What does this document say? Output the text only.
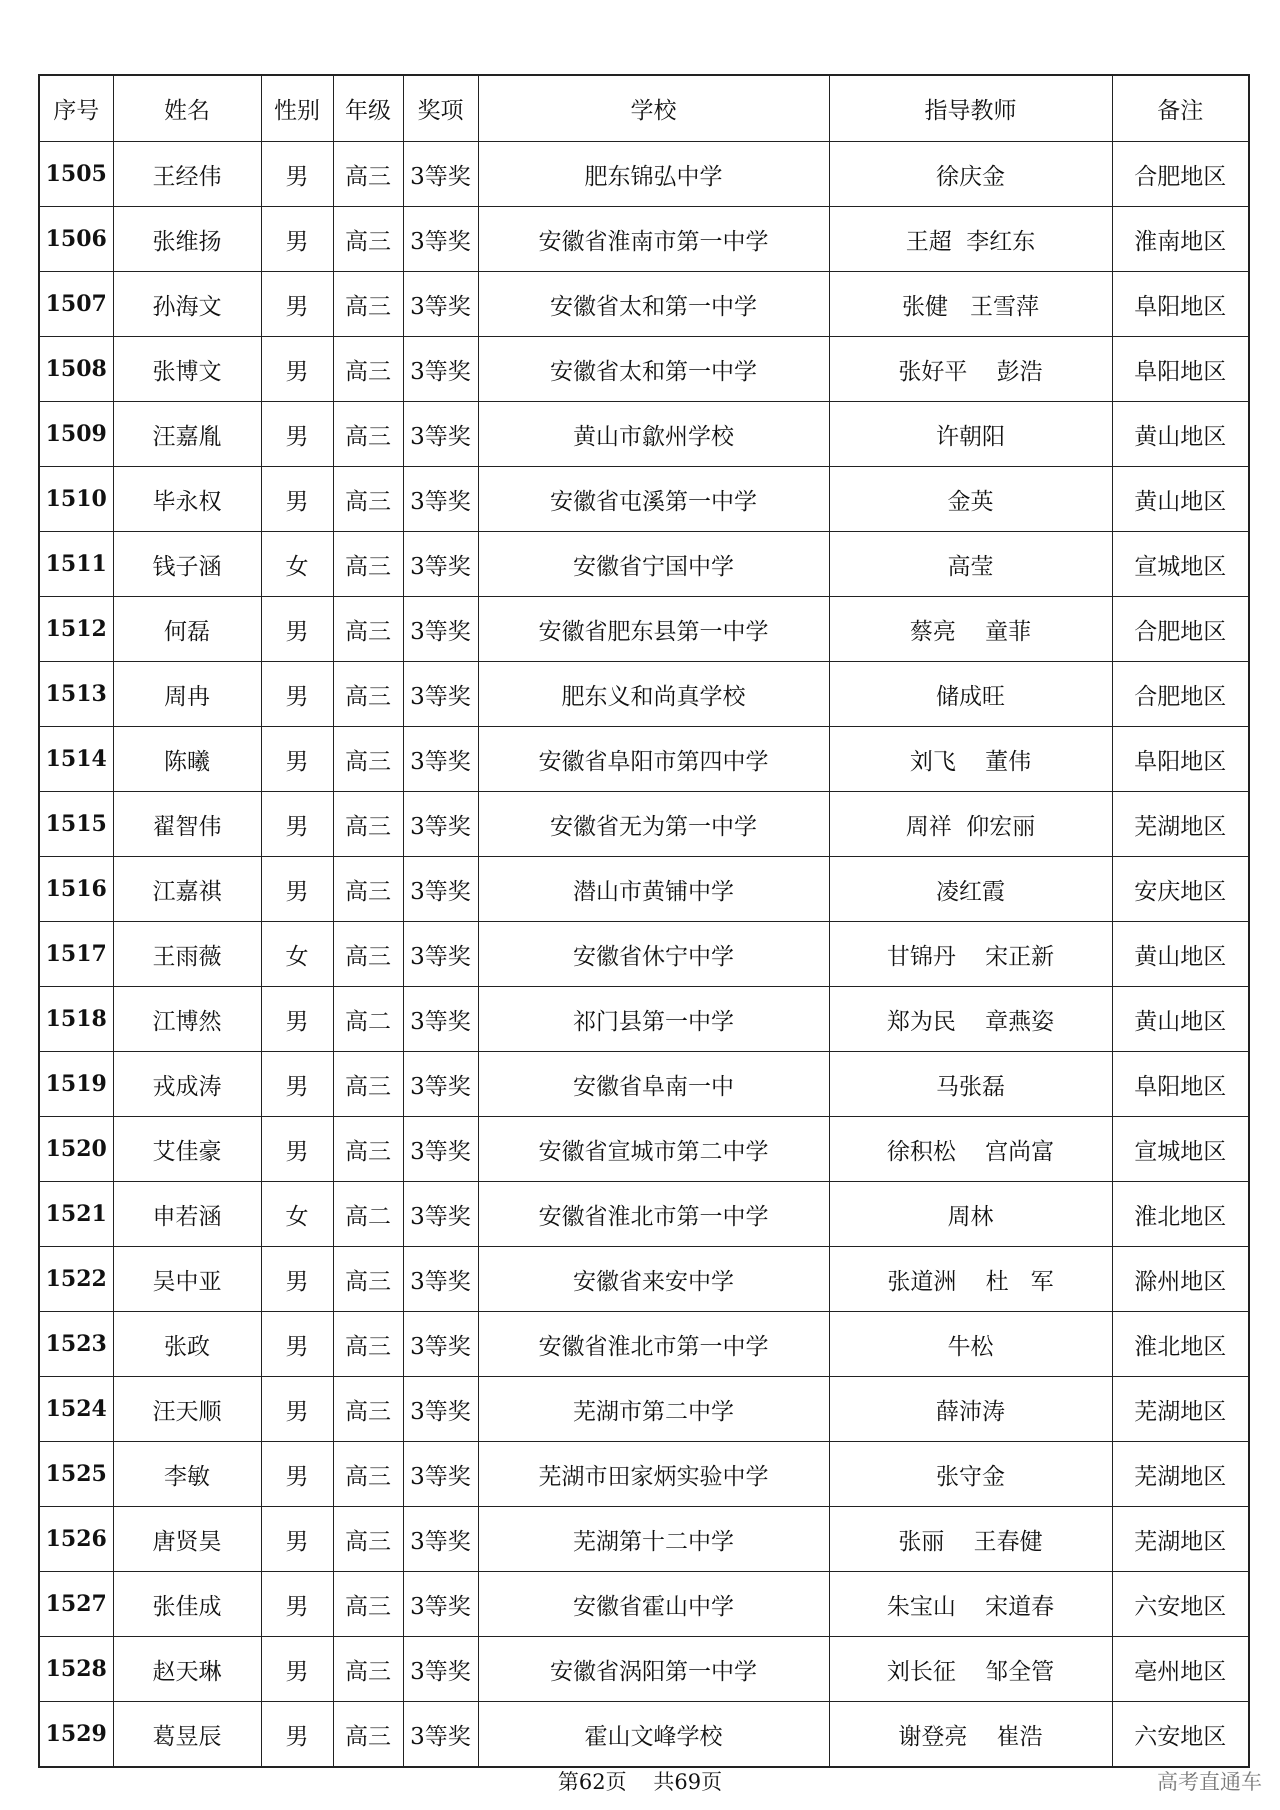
序号	姓名	性别	年级	奖项	学校	指导教师	备注
1505	王经伟	男	高三	3等奖	肥东锦弘中学	徐庆金	合肥地区
1506	张维扬	男	高三	3等奖	安徽省淮南市第一中学	王超  李红东	淮南地区
1507	孙海文	男	高三	3等奖	安徽省太和第一中学	张健   王雪萍	阜阳地区
1508	张博文	男	高三	3等奖	安徽省太和第一中学	张好平    彭浩	阜阳地区
1509	汪嘉胤	男	高三	3等奖	黄山市歙州学校	许朝阳	黄山地区
1510	毕永权	男	高三	3等奖	安徽省屯溪第一中学	金英	黄山地区
1511	钱子涵	女	高三	3等奖	安徽省宁国中学	高莹	宣城地区
1512	何磊	男	高三	3等奖	安徽省肥东县第一中学	蔡亮    童菲	合肥地区
1513	周冉	男	高三	3等奖	肥东义和尚真学校	储成旺	合肥地区
1514	陈曦	男	高三	3等奖	安徽省阜阳市第四中学	刘飞    董伟	阜阳地区
1515	翟智伟	男	高三	3等奖	安徽省无为第一中学	周祥  仰宏丽	芜湖地区
1516	江嘉祺	男	高三	3等奖	潜山市黄铺中学	凌红霞	安庆地区
1517	王雨薇	女	高三	3等奖	安徽省休宁中学	甘锦丹    宋正新	黄山地区
1518	江博然	男	高二	3等奖	祁门县第一中学	郑为民    章燕姿	黄山地区
1519	戎成涛	男	高三	3等奖	安徽省阜南一中	马张磊	阜阳地区
1520	艾佳豪	男	高三	3等奖	安徽省宣城市第二中学	徐积松    宫尚富	宣城地区
1521	申若涵	女	高二	3等奖	安徽省淮北市第一中学	周林	淮北地区
1522	吴中亚	男	高三	3等奖	安徽省来安中学	张道洲    杜   军	滁州地区
1523	张政	男	高三	3等奖	安徽省淮北市第一中学	牛松	淮北地区
1524	汪天顺	男	高三	3等奖	芜湖市第二中学	薛沛涛	芜湖地区
1525	李敏	男	高三	3等奖	芜湖市田家炳实验中学	张守金	芜湖地区
1526	唐贤昊	男	高三	3等奖	芜湖第十二中学	张丽    王春健	芜湖地区
1527	张佳成	男	高三	3等奖	安徽省霍山中学	朱宝山    宋道春	六安地区
1528	赵天琳	男	高三	3等奖	安徽省涡阳第一中学	刘长征    邹全管	亳州地区
1529	葛昱辰	男	高三	3等奖	霍山文峰学校	谢登亮    崔浩	六安地区
第62页    共69页	高考直通车
